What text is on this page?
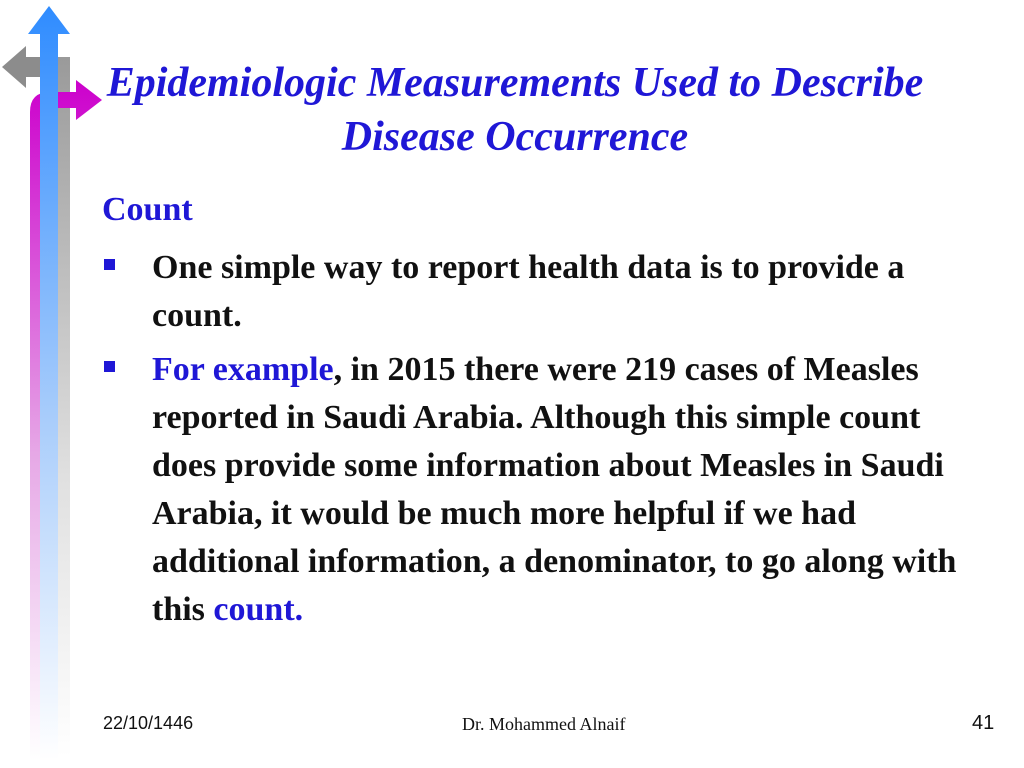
Epidemiologic Measurements Used to Describe
Disease Occurrence
Count
One simple way to report health data is to provide a count.
For example, in 2015 there were 219 cases of Measles reported in Saudi Arabia. Although this simple count does provide some information about Measles in Saudi Arabia, it would be much more helpful if we had additional information, a denominator, to go along with this count.
22/10/1446	Dr. Mohammed Alnaif	41
